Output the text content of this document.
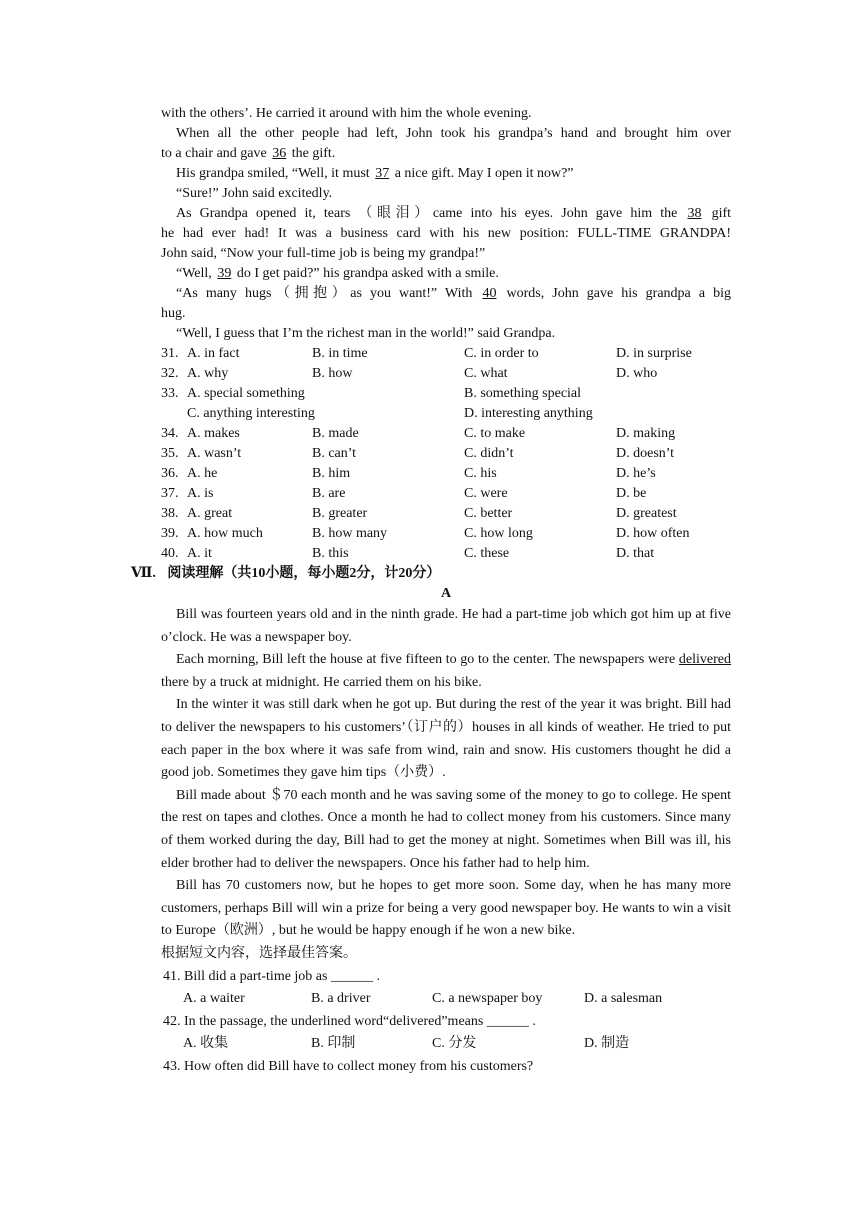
with the others’. He carried it around with him the whole evening.
When all the other people had left, John took his grandpa’s hand and brought him over
to a chair and gave 36 the gift.
His grandpa smiled, “Well, it must 37 a nice gift. May I open it now?”
“Sure!” John said excitedly.
As Grandpa opened it, tears （眼泪）came into his eyes. John gave him the 38 gift
he had ever had! It was a business card with his new position: FULL-TIME GRANDPA!
John said, “Now your full-time job is being my grandpa!”
“Well, 39 do I get paid?” his grandpa asked with a smile.
“As many hugs（拥抱）as you want!” With 40 words, John gave his grandpa a big
hug.
“Well, I guess that I’m the richest man in the world!” said Grandpa.
31. A. in fact	B. in time	C. in order to	D. in surprise
32. A. why	B. how	C. what	D. who
33. A. special something	B. something special
C. anything interesting	D. interesting anything
34. A. makes	B. made	C. to make	D. making
35. A. wasn’t	B. can’t	C. didn’t	D. doesn’t
36. A. he	B. him	C. his	D. he’s
37. A. is	B. are	C. were	D. be
38. A. great	B. greater	C. better	D. greatest
39. A. how much	B. how many	C. how long	D. how often
40. A. it	B. this	C. these	D. that
Ⅶ. 阅读理解（共10小题，每小题2分，计20分）
A

Bill was fourteen years old and in the ninth grade. He had a part-time job which got him up at five o’clock. He was a newspaper boy.

Each morning, Bill left the house at five fifteen to go to the center. The newspapers were delivered there by a truck at midnight. He carried them on his bike.

In the winter it was still dark when he got up. But during the rest of the year it was bright. Bill had to deliver the newspapers to his customers’（订户的）houses in all kinds of weather. He tried to put each paper in the box where it was safe from wind, rain and snow. His customers thought he did a good job. Sometimes they gave him tips（小费）.

Bill made about ＄70 each month and he was saving some of the money to go to college. He spent the rest on tapes and clothes. Once a month he had to collect money from his customers. Since many of them worked during the day, Bill had to get the money at night. Sometimes when Bill was ill, his elder brother had to deliver the newspapers. Once his father had to help him.

Bill has 70 customers now, but he hopes to get more soon. Some day, when he has many more customers, perhaps Bill will win a prize for being a very good newspaper boy. He wants to win a visit to Europe（欧洲）, but he would be happy enough if he won a new bike.

根据短文内容，选择最佳答案。
41. Bill did a part-time job as ______ .
A. a waiter	B. a driver	C. a newspaper boy	D. a salesman
42. In the passage, the underlined word“delivered”means ______ .
A. 收集	B. 印制	C. 分发	D. 制造
43. How often did Bill have to collect money from his customers?
